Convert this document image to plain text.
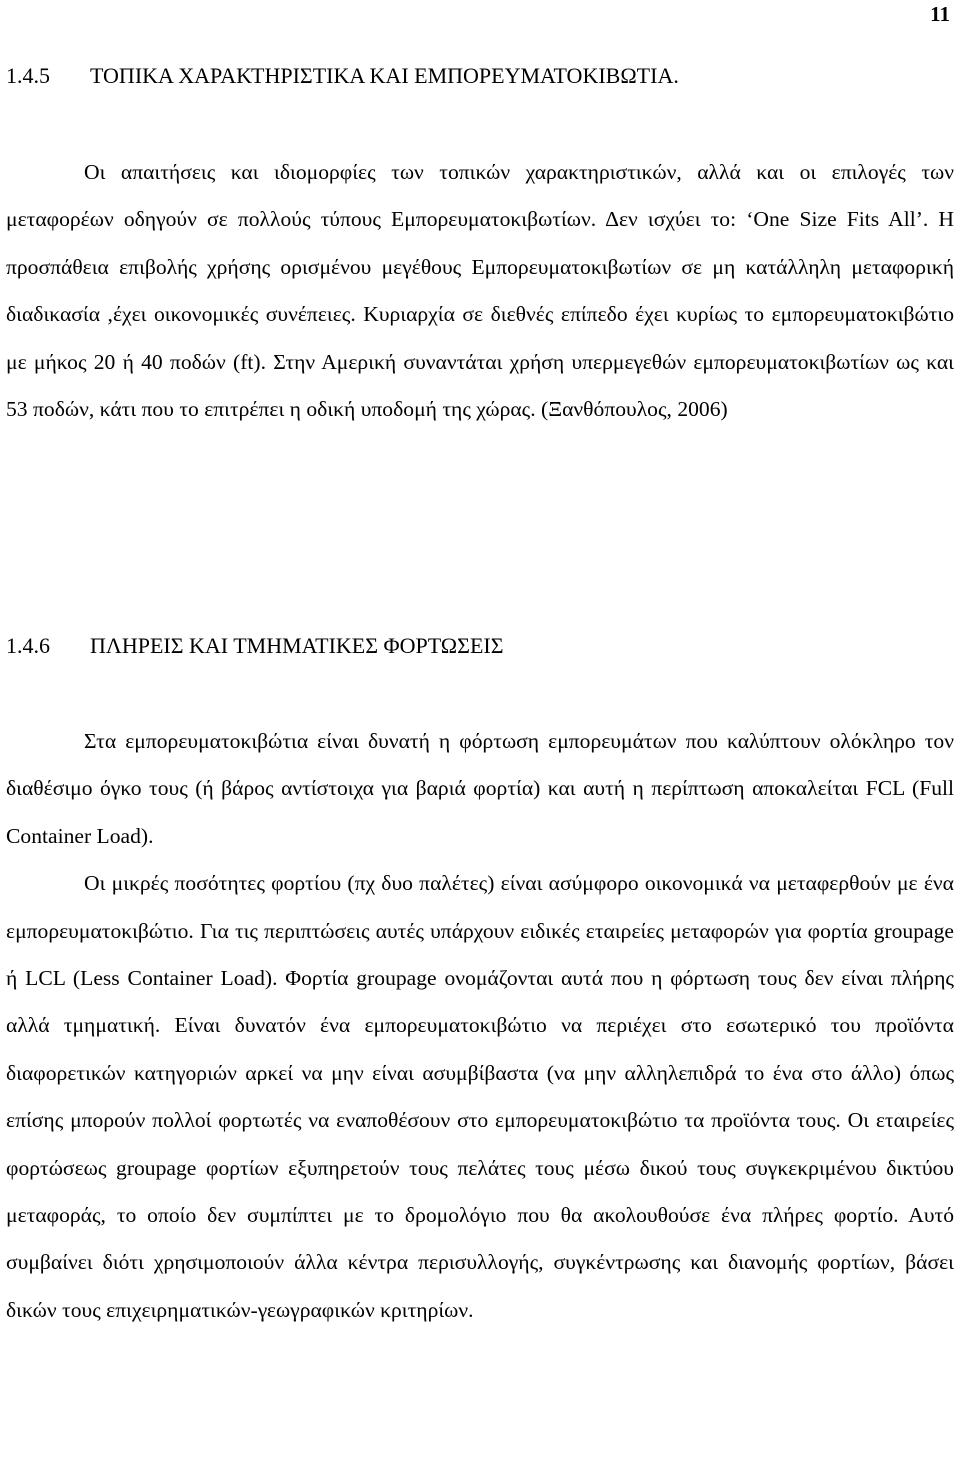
11
1.4.5 ΤΟΠΙΚΑ ΧΑΡΑΚΤΗΡΙΣΤΙΚΑ ΚΑΙ ΕΜΠΟΡΕΥΜΑΤΟΚΙΒΩΤΙΑ.

Οι απαιτήσεις και ιδιομορφίες των τοπικών χαρακτηριστικών, αλλά και οι επιλογές των μεταφορέων οδηγούν σε πολλούς τύπους Εμπορευματοκιβωτίων. Δεν ισχύει το: ‘One Size Fits All’. Η προσπάθεια επιβολής χρήσης ορισμένου μεγέθους Εμπορευματοκιβωτίων σε μη κατάλληλη μεταφορική διαδικασία ,έχει οικονομικές συνέπειες. Κυριαρχία σε διεθνές επίπεδο έχει κυρίως το εμπορευματοκιβώτιο με μήκος 20 ή 40 ποδών (ft). Στην Αμερική συναντάται χρήση υπερμεγεθών εμπορευματοκιβωτίων ως και 53 ποδών, κάτι που το επιτρέπει η οδική υποδομή της χώρας. (Ξανθόπουλος, 2006)

1.4.6 ΠΛΗΡΕΙΣ ΚΑΙ ΤΜΗΜΑΤΙΚΕΣ ΦΟΡΤΩΣΕΙΣ

Στα εμπορευματοκιβώτια είναι δυνατή η φόρτωση εμπορευμάτων που καλύπτουν ολόκληρο τον διαθέσιμο όγκο τους (ή βάρος αντίστοιχα για βαριά φορτία) και αυτή η περίπτωση αποκαλείται FCL (Full Container Load).

Οι μικρές ποσότητες φορτίου (πχ δυο παλέτες) είναι ασύμφορο οικονομικά να μεταφερθούν με ένα εμπορευματοκιβώτιο. Για τις περιπτώσεις αυτές υπάρχουν ειδικές εταιρείες μεταφορών για φορτία groupage ή LCL (Less Container Load). Φορτία groupage ονομάζονται αυτά που η φόρτωση τους δεν είναι πλήρης αλλά τμηματική. Είναι δυνατόν ένα εμπορευματοκιβώτιο να περιέχει στο εσωτερικό του προϊόντα διαφορετικών κατηγοριών αρκεί να μην είναι ασυμβίβαστα (να μην αλληλεπιδρά το ένα στο άλλο) όπως επίσης μπορούν πολλοί φορτωτές να εναποθέσουν στο εμπορευματοκιβώτιο τα προϊόντα τους. Οι εταιρείες φορτώσεως groupage φορτίων εξυπηρετούν τους πελάτες τους μέσω δικού τους συγκεκριμένου δικτύου μεταφοράς, το οποίο δεν συμπίπτει με το δρομολόγιο που θα ακολουθούσε ένα πλήρες φορτίο. Αυτό συμβαίνει διότι χρησιμοποιούν άλλα κέντρα περισυλλογής, συγκέντρωσης και διανομής φορτίων, βάσει δικών τους επιχειρηματικών-γεωγραφικών κριτηρίων.
